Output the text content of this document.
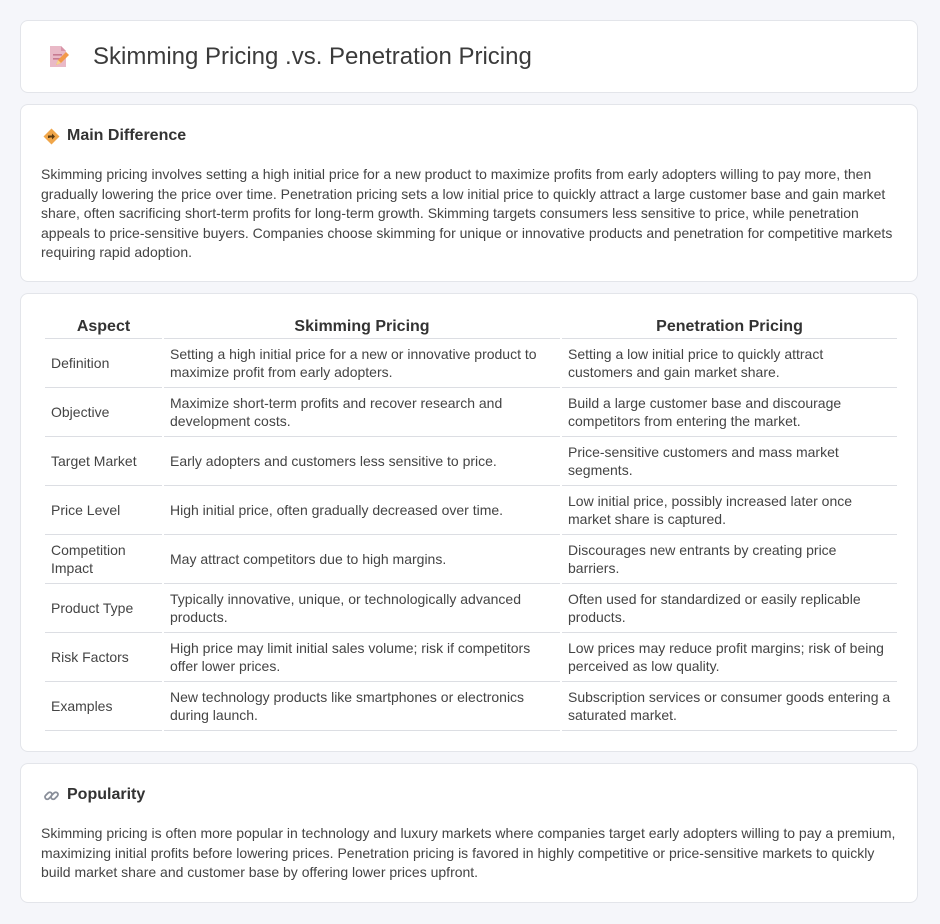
Skimming Pricing .vs. Penetration Pricing
Main Difference

Skimming pricing involves setting a high initial price for a new product to maximize profits from early adopters willing to pay more, then gradually lowering the price over time. Penetration pricing sets a low initial price to quickly attract a large customer base and gain market share, often sacrificing short-term profits for long-term growth. Skimming targets consumers less sensitive to price, while penetration appeals to price-sensitive buyers. Companies choose skimming for unique or innovative products and penetration for competitive markets requiring rapid adoption.

Aspect	Skimming Pricing	Penetration Pricing
Definition	Setting a high initial price for a new or innovative product to maximize profit from early adopters.	Setting a low initial price to quickly attract customers and gain market share.
Objective	Maximize short-term profits and recover research and development costs.	Build a large customer base and discourage competitors from entering the market.
Target Market	Early adopters and customers less sensitive to price.	Price-sensitive customers and mass market segments.
Price Level	High initial price, often gradually decreased over time.	Low initial price, possibly increased later once market share is captured.
Competition Impact	May attract competitors due to high margins.	Discourages new entrants by creating price barriers.
Product Type	Typically innovative, unique, or technologically advanced products.	Often used for standardized or easily replicable products.
Risk Factors	High price may limit initial sales volume; risk if competitors offer lower prices.	Low prices may reduce profit margins; risk of being perceived as low quality.
Examples	New technology products like smartphones or electronics during launch.	Subscription services or consumer goods entering a saturated market.
Popularity

Skimming pricing is often more popular in technology and luxury markets where companies target early adopters willing to pay a premium, maximizing initial profits before lowering prices. Penetration pricing is favored in highly competitive or price-sensitive markets to quickly build market share and customer base by offering lower prices upfront.
